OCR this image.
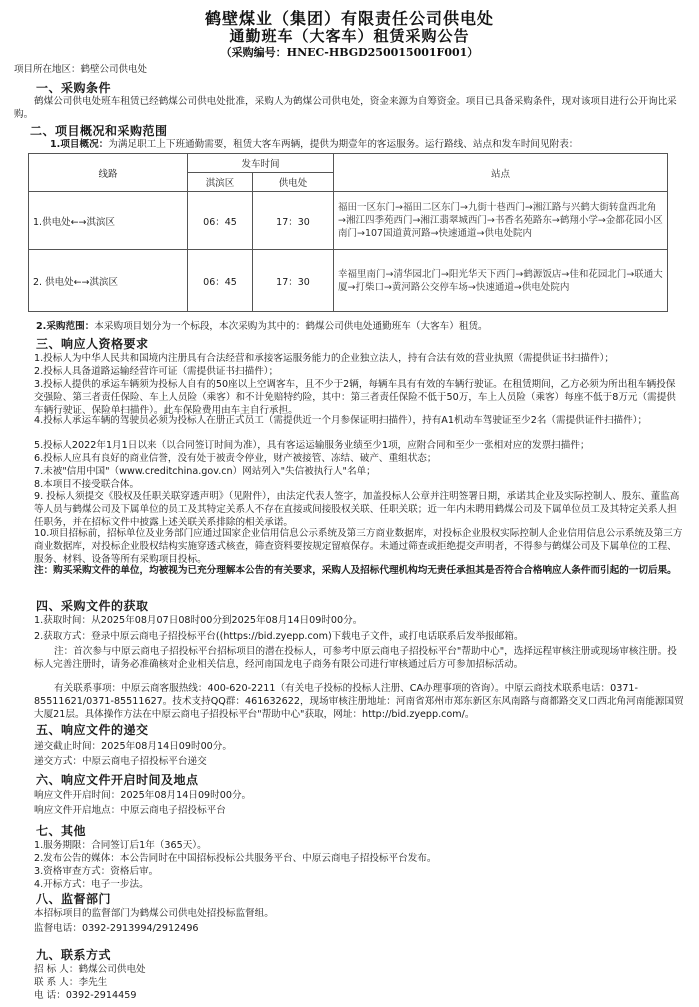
鹤壁煤业（集团）有限责任公司供电处
通勤班车（大客车）租赁采购公告
（采购编号：HNEC-HBGD250015001F001）
项目所在地区：鹤壁公司供电处
一、采购条件
鹤煤公司供电处班车租赁已经鹤煤公司供电处批准，采购人为鹤煤公司供电处，资金来源为自筹资金。项目已具备采购条件，现对该项目进行公开询比采购。
二、项目概况和采购范围
1.项目概况：为满足职工上下班通勤需要，租赁大客车两辆，提供为期壹年的客运服务。运行路线、站点和发车时间见附表：
线路	发车时间		站点
	淇滨区	供电处	
1.供电处←→淇滨区	06：45	17：30	福田一区东门→福田二区东门→九街十巷西门→湘江路与兴鹤大街转盘西北角→湘江四季苑西门→湘江翡翠城西门→书香名苑路东→鹤翔小学→金都花园小区南门→107国道黄河路→快速通道→供电处院内
2. 供电处←→淇滨区	06：45	17：30	幸福里南门→清华园北门→阳光华天下西门→鹤源饭店→佳和花园北门→联通大厦→打柴口→黄河路公交停车场→快速通道→供电处院内
2.采购范围：本采购项目划分为一个标段，本次采购为其中的：鹤煤公司供电处通勤班车（大客车）租赁。
三、响应人资格要求
1.投标人为中华人民共和国境内注册具有合法经营和承接客运服务能力的企业独立法人，持有合法有效的营业执照（需提供证书扫描件）；
2.投标人具备道路运输经营许可证（需提供证书扫描件）；
3.投标人提供的承运车辆须为投标人自有的50座以上空调客车，且不少于2辆，每辆车具有有效的车辆行驶证。在租赁期间，乙方必须为所出租车辆投保交强险、第三者责任保险、车上人员险（乘客）和不计免赔特约险，其中：第三者责任保险不低于50万，车上人员险（乘客）每座不低于8万元（需提供车辆行驶证、保险单扫描件）。此车保险费用由车主自行承担。
4.投标人承运车辆的驾驶员必须为投标人在册正式员工（需提供近一个月参保证明扫描件），持有A1机动车驾驶证至少2名（需提供证件扫描件）；
5.投标人2022年1月1日以来（以合同签订时间为准），具有客运运输服务业绩至少1项，应附合同和至少一张相对应的发票扫描件；
6.投标人应具有良好的商业信誉，没有处于被责令停业，财产被接管、冻结、破产、重组状态；
7.未被"信用中国"（www.creditchina.gov.cn）网站列入"失信被执行人"名单；
8.本项目不接受联合体。
9. 投标人须提交《股权及任职关联穿透声明》（见附件），由法定代表人签字，加盖投标人公章并注明签署日期，承诺其企业及实际控制人、股东、董监高等人员与鹤煤公司及下属单位的员工及其特定关系人不存在直接或间接股权关联、任职关联；近一年内未聘用鹤煤公司及下属单位员工及其特定关系人担任职务，并在招标文件中披露上述关联关系排除的相关承诺。
10.项目招标前，招标单位及业务部门应通过国家企业信用信息公示系统及第三方商业数据库，对投标企业股权实际控制人企业信用信息公示系统及第三方商业数据库，对投标企业股权结构实施穿透式核查，筛查资料要按规定留痕保存。未通过筛查或拒绝提交声明者，不得参与鹤煤公司及下属单位的工程、服务、材料、设备等所有采购项目投标。
注：购买采购文件的单位，均被视为已充分理解本公告的有关要求，采购人及招标代理机构均无责任承担其是否符合合格响应人条件而引起的一切后果。
四、采购文件的获取
1.获取时间：从2025年08月07日08时00分到2025年08月14日09时00分。
2.获取方式：登录中原云商电子招投标平台((https://bid.zyepp.com)下载电子文件，或打电话联系后发举报邮箱。
注：首次参与中原云商电子招投标平台招标项目的潜在投标人，可参考中原云商电子招投标平台"帮助中心"，选择远程审核注册或现场审核注册。投标人完善注册时，请务必准确核对企业相关信息，经河南国龙电子商务有限公司进行审核通过后方可参加招标活动。
有关联系事项：中原云商客服热线：400-620-2211（有关电子投标的投标人注册、CA办理事项的咨询）。中原云商技术联系电话：0371-85511621/0371-85511627。技术支持QQ群：461632622，现场审核注册地址：河南省郑州市郑东新区东风南路与商都路交叉口西北角河南能源国贸大厦21层。具体操作方法在中原云商电子招投标平台"帮助中心"获取，网址：http://bid.zyepp.com/。
五、响应文件的递交
递交截止时间：2025年08月14日09时00分。
递交方式：中原云商电子招投标平台递交
六、响应文件开启时间及地点
响应文件开启时间：2025年08月14日09时00分。
响应文件开启地点：中原云商电子招投标平台
七、其他
1.服务期限：合同签订后1年（365天）。
2.发布公告的媒体：本公告同时在中国招标投标公共服务平台、中原云商电子招投标平台发布。
3.资格审查方式：资格后审。
4.开标方式：电子一步法。
八、监督部门
本招标项目的监督部门为鹤煤公司供电处招投标监督组。
监督电话：0392-2913994/2912496
九、联系方式
招 标 人：鹤煤公司供电处
联 系 人：李先生
电 话：0392-2914459
